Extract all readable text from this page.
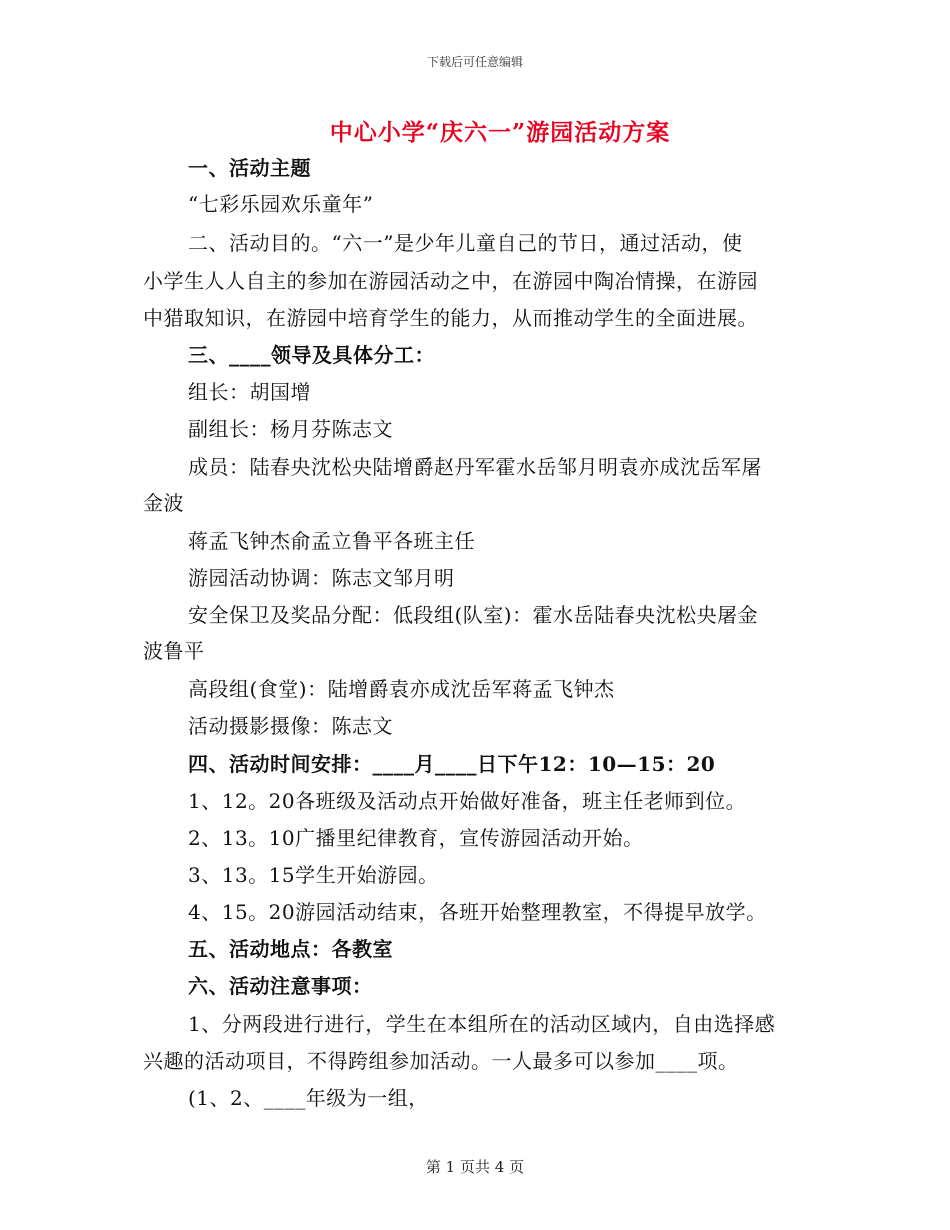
下载后可任意编辑
中心小学“庆六一”游园活动方案
一、活动主题
“七彩乐园欢乐童年”
二、活动目的。“六一”是少年儿童自己的节日，通过活动，使
小学生人人自主的参加在游园活动之中，在游园中陶冶情操，在游园
中猎取知识，在游园中培育学生的能力，从而推动学生的全面进展。
三、____领导及具体分工：
组长：胡国增
副组长：杨月芬陈志文
成员：陆春央沈松央陆增爵赵丹军霍水岳邹月明袁亦成沈岳军屠
金波
蒋孟飞钟杰俞孟立鲁平各班主任
游园活动协调：陈志文邹月明
安全保卫及奖品分配：低段组(队室)：霍水岳陆春央沈松央屠金
波鲁平
高段组(食堂)：陆增爵袁亦成沈岳军蒋孟飞钟杰
活动摄影摄像：陈志文
四、活动时间安排：____月____日下午12：10—15：20
1、12。20各班级及活动点开始做好准备，班主任老师到位。
2、13。10广播里纪律教育，宣传游园活动开始。
3、13。15学生开始游园。
4、15。20游园活动结束，各班开始整理教室，不得提早放学。
五、活动地点：各教室
六、活动注意事项：
1、分两段进行进行，学生在本组所在的活动区域内，自由选择感
兴趣的活动项目，不得跨组参加活动。一人最多可以参加____项。
(1、2、____年级为一组，
第 1 页共 4 页
